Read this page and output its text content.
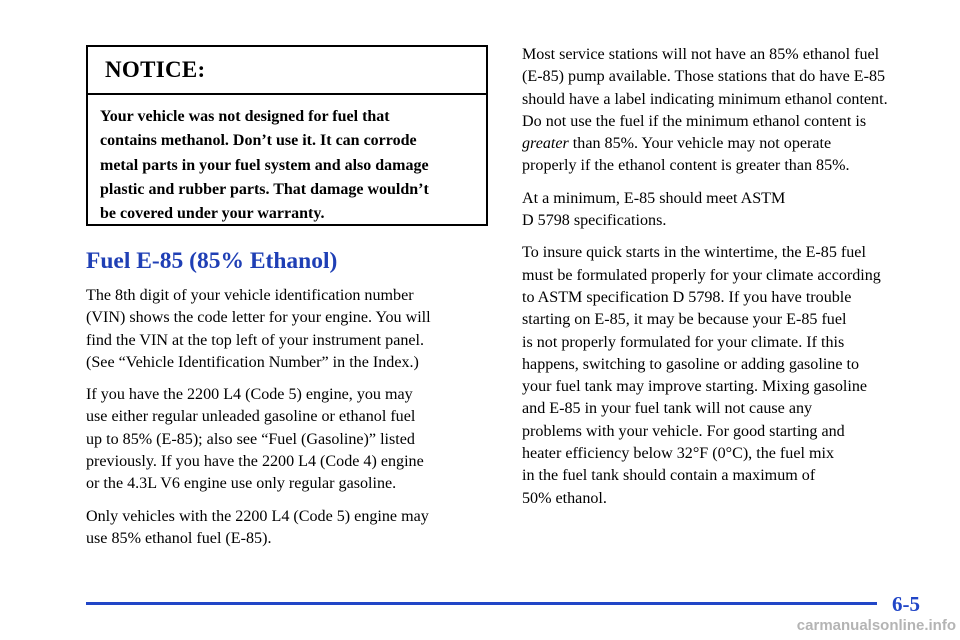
NOTICE:
Your vehicle was not designed for fuel that
contains methanol. Don’t use it. It can corrode
metal parts in your fuel system and also damage
plastic and rubber parts. That damage wouldn’t
be covered under your warranty.
Fuel E-85 (85% Ethanol)

The 8th digit of your vehicle identification number
(VIN) shows the code letter for your engine. You will
find the VIN at the top left of your instrument panel.
(See “Vehicle Identification Number” in the Index.)

If you have the 2200 L4 (Code 5) engine, you may
use either regular unleaded gasoline or ethanol fuel
up to 85% (E-85); also see “Fuel (Gasoline)” listed
previously. If you have the 2200 L4 (Code 4) engine
or the 4.3L V6 engine use only regular gasoline.

Only vehicles with the 2200 L4 (Code 5) engine may
use 85% ethanol fuel (E-85).

Most service stations will not have an 85% ethanol fuel
(E-85) pump available. Those stations that do have E-85
should have a label indicating minimum ethanol content.
Do not use the fuel if the minimum ethanol content is
greater than 85%. Your vehicle may not operate
properly if the ethanol content is greater than 85%.

At a minimum, E-85 should meet ASTM
D 5798 specifications.

To insure quick starts in the wintertime, the E-85 fuel
must be formulated properly for your climate according
to ASTM specification D 5798. If you have trouble
starting on E-85, it may be because your E-85 fuel
is not properly formulated for your climate. If this
happens, switching to gasoline or adding gasoline to
your fuel tank may improve starting. Mixing gasoline
and E-85 in your fuel tank will not cause any
problems with your vehicle. For good starting and
heater efficiency below 32°F (0°C), the fuel mix
in the fuel tank should contain a maximum of
50% ethanol.

6-5
carmanualsonline.info
